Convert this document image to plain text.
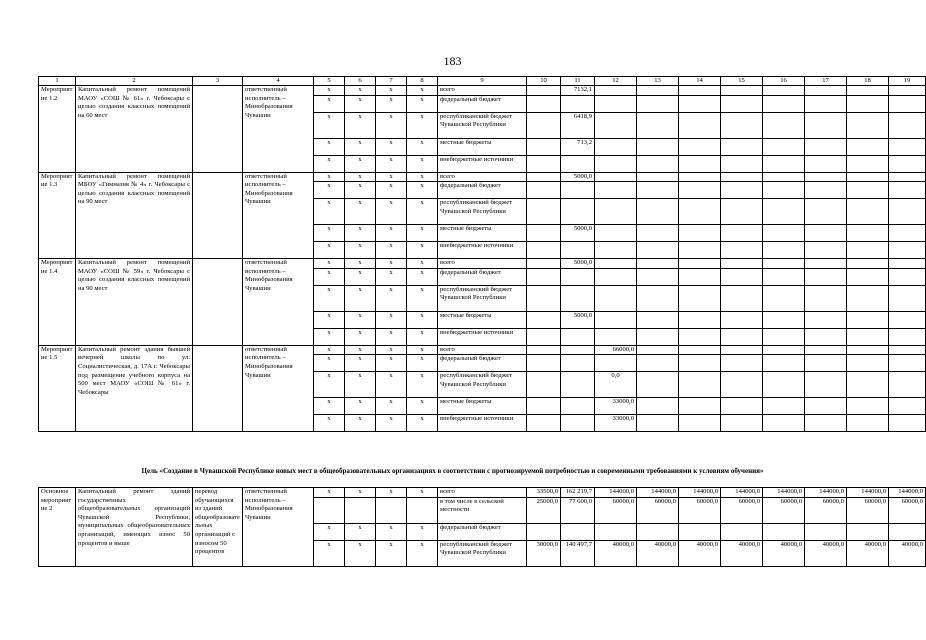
183
1	2	3	4	5	6	7	8	9	10	11	12	13	14	15	16	17	18	19
Мероприятие 1.2	Капитальный ремонт помещений МАОУ «СОШ № 61» г. Чебоксары с целью создания классных помещений на 60 мест		ответственный исполнитель – Минобразования Чувашии	x	x	x	x	всего		7132,1								
				x	x	x	x	федеральный бюджет										
				x	x	x	x	республиканский бюджет Чувашской Республики		6418,9								
				x	x	x	x	местные бюджеты		713,2								
				x	x	x	x	внебюджетные источники										
Мероприятие 1.3	Капитальный ремонт помещений МБОУ «Гимназия № 4» г. Чебоксары с целью создания классных помещений на 90 мест		ответственный исполнитель – Минобразования Чувашии	x	x	x	x	всего		5000,0								
				x	x	x	x	федеральный бюджет										
				x	x	x	x	республиканский бюджет Чувашской Республики										
				x	x	x	x	местные бюджеты		5000,0								
				x	x	x	x	внебюджетные источники										
Мероприятие 1.4	Капитальный ремонт помещений МАОУ «СОШ № 59» г. Чебоксары с целью создания классных помещений на 90 мест		ответственный исполнитель – Минобразования Чувашии	x	x	x	x	всего		5000,0								
				x	x	x	x	федеральный бюджет										
				x	x	x	x	республиканский бюджет Чувашской Республики										
				x	x	x	x	местные бюджеты		5000,0								
				x	x	x	x	внебюджетные источники										
Мероприятие 1.5	Капитальный ремонт здания бывшей вечерней школы по ул. Социалистическая, д. 17А г. Чебоксары под размещение учебного корпуса на 500 мест МАОУ «СОШ № 61» г. Чебоксары		ответственный исполнитель – Минобразования Чувашии	x	x	x	x	всего			66000,0							
				x	x	x	x	федеральный бюджет										
				x	x	x	x	республиканский бюджет Чувашской Республики			0,0							
				x	x	x	x	местные бюджеты			33000,0							
				x	x	x	x	внебюджетные источники			33000,0							
Цель «Создание в Чувашской Республике новых мест в общеобразовательных организациях в соответствии с прогнозируемой потребностью и современными требованиями к условиям обучения»
Основное мероприятие 2	Капитальный ремонт зданий государственных общеобразовательных организаций Чувашской Республики, муниципальных общеобразовательных организаций, имеющих износ 50 процентов и выше	перевод обучающихся из зданий общеобразовательных организаций с износом 50 процентов	ответственный исполнитель – Минобразования Чувашии	x	x	x	x	всего	33500,0	162 219,7	144000,0	144000,0	144000,0	144000,0	144000,0	144000,0	144000,0	144000,0
								в том числе в сельской местности	25000,0	77 600,0	60000,0	60000,0	60000,0	60000,0	60000,0	60000,0	60000,0	60000,0
				x	x	x	x	федеральный бюджет										
				x	x	x	x	республиканский бюджет Чувашской Республики	30000,0	140 497,7	40000,0	40000,0	40000,0	40000,0	40000,0	40000,0	40000,0	40000,0
